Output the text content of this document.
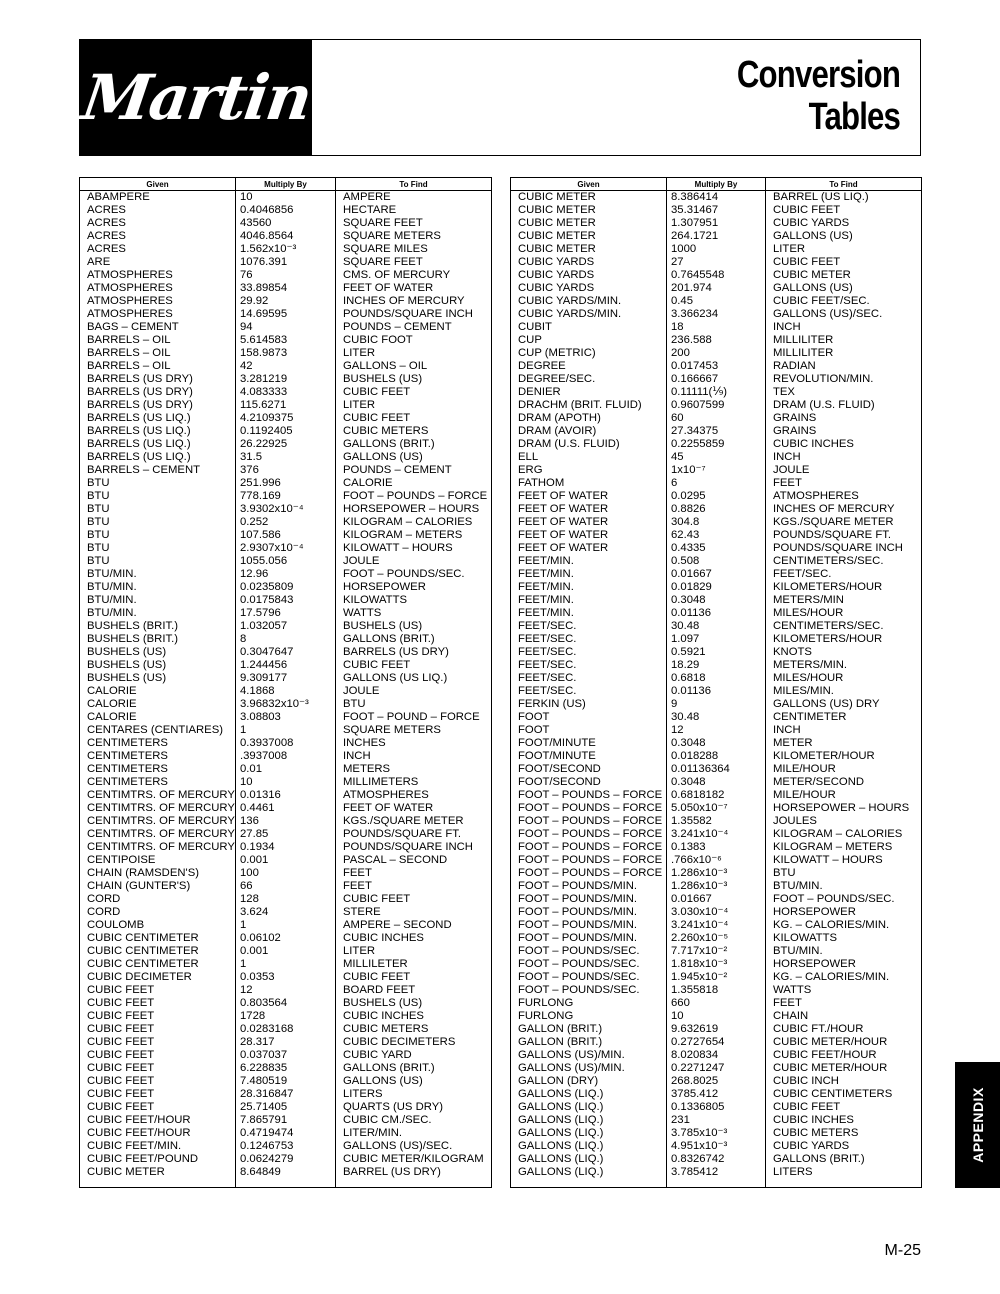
Martin	Conversion
Tables
Given	Multiply By	To Find
ABAMPERE	10	AMPERE
ACRES	0.4046856	HECTARE
ACRES	43560	SQUARE FEET
ACRES	4046.8564	SQUARE METERS
ACRES	1.562x10⁻³	SQUARE MILES
ARE	1076.391	SQUARE FEET
ATMOSPHERES	76	CMS. OF MERCURY
ATMOSPHERES	33.89854	FEET OF WATER
ATMOSPHERES	29.92	INCHES OF MERCURY
ATMOSPHERES	14.69595	POUNDS/SQUARE INCH
BAGS – CEMENT	94	POUNDS – CEMENT
BARRELS – OIL	5.614583	CUBIC FOOT
BARRELS – OIL	158.9873	LITER
BARRELS – OIL	42	GALLONS – OIL
BARRELS (US DRY)	3.281219	BUSHELS (US)
BARRELS (US DRY)	4.083333	CUBIC FEET
BARRELS (US DRY)	115.6271	LITER
BARRELS (US LIQ.)	4.2109375	CUBIC FEET
BARRELS (US LIQ.)	0.1192405	CUBIC METERS
BARRELS (US LIQ.)	26.22925	GALLONS (BRIT.)
BARRELS (US LIQ.)	31.5	GALLONS (US)
BARRELS – CEMENT	376	POUNDS – CEMENT
BTU	251.996	CALORIE
BTU	778.169	FOOT – POUNDS – FORCE
BTU	3.9302x10⁻⁴	HORSEPOWER – HOURS
BTU	0.252	KILOGRAM – CALORIES
BTU	107.586	KILOGRAM – METERS
BTU	2.9307x10⁻⁴	KILOWATT – HOURS
BTU	1055.056	JOULE
BTU/MIN.	12.96	FOOT – POUNDS/SEC.
BTU/MIN.	0.0235809	HORSEPOWER
BTU/MIN.	0.0175843	KILOWATTS
BTU/MIN.	17.5796	WATTS
BUSHELS (BRIT.)	1.032057	BUSHELS (US)
BUSHELS (BRIT.)	8	GALLONS (BRIT.)
BUSHELS (US)	0.3047647	BARRELS (US DRY)
BUSHELS (US)	1.244456	CUBIC FEET
BUSHELS (US)	9.309177	GALLONS (US LIQ.)
CALORIE	4.1868	JOULE
CALORIE	3.96832x10⁻³	BTU
CALORIE	3.08803	FOOT – POUND – FORCE
CENTARES (CENTIARES)	1	SQUARE METERS
CENTIMETERS	0.3937008	INCHES
CENTIMETERS	.3937008	INCH
CENTIMETERS	0.01	METERS
CENTIMETERS	10	MILLIMETERS
CENTIMTRS. OF MERCURY	0.01316	ATMOSPHERES
CENTIMTRS. OF MERCURY	0.4461	FEET OF WATER
CENTIMTRS. OF MERCURY	136	KGS./SQUARE METER
CENTIMTRS. OF MERCURY	27.85	POUNDS/SQUARE FT.
CENTIMTRS. OF MERCURY	0.1934	POUNDS/SQUARE INCH
CENTIPOISE	0.001	PASCAL – SECOND
CHAIN (RAMSDEN'S)	100	FEET
CHAIN (GUNTER'S)	66	FEET
CORD	128	CUBIC FEET
CORD	3.624	STERE
COULOMB	1	AMPERE – SECOND
CUBIC CENTIMETER	0.06102	CUBIC INCHES
CUBIC CENTIMETER	0.001	LITER
CUBIC CENTIMETER	1	MILLILETER
CUBIC DECIMETER	0.0353	CUBIC FEET
CUBIC FEET	12	BOARD FEET
CUBIC FEET	0.803564	BUSHELS (US)
CUBIC FEET	1728	CUBIC INCHES
CUBIC FEET	0.0283168	CUBIC METERS
CUBIC FEET	28.317	CUBIC DECIMETERS
CUBIC FEET	0.037037	CUBIC YARD
CUBIC FEET	6.228835	GALLONS (BRIT.)
CUBIC FEET	7.480519	GALLONS (US)
CUBIC FEET	28.316847	LITERS
CUBIC FEET	25.71405	QUARTS (US DRY)
CUBIC FEET/HOUR	7.865791	CUBIC CM./SEC.
CUBIC FEET/HOUR	0.4719474	LITER/MIN.
CUBIC FEET/MIN.	0.1246753	GALLONS (US)/SEC.
CUBIC FEET/POUND	0.0624279	CUBIC METER/KILOGRAM
CUBIC METER	8.64849	BARREL (US DRY)
Given	Multiply By	To Find
CUBIC METER	8.386414	BARREL (US LIQ.)
CUBIC METER	35.31467	CUBIC FEET
CUBIC METER	1.307951	CUBIC YARDS
CUBIC METER	264.1721	GALLONS (US)
CUBIC METER	1000	LITER
CUBIC YARDS	27	CUBIC FEET
CUBIC YARDS	0.7645548	CUBIC METER
CUBIC YARDS	201.974	GALLONS (US)
CUBIC YARDS/MIN.	0.45	CUBIC FEET/SEC.
CUBIC YARDS/MIN.	3.366234	GALLONS (US)/SEC.
CUBIT	18	INCH
CUP	236.588	MILLILITER
CUP (METRIC)	200	MILLILITER
DEGREE	0.017453	RADIAN
DEGREE/SEC.	0.166667	REVOLUTION/MIN.
DENIER	0.11111(⅑)	TEX
DRACHM (BRIT. FLUID)	0.9607599	DRAM (U.S. FLUID)
DRAM (APOTH)	60	GRAINS
DRAM (AVOIR)	27.34375	GRAINS
DRAM (U.S. FLUID)	0.2255859	CUBIC INCHES
ELL	45	INCH
ERG	1x10⁻⁷	JOULE
FATHOM	6	FEET
FEET OF WATER	0.0295	ATMOSPHERES
FEET OF WATER	0.8826	INCHES OF MERCURY
FEET OF WATER	304.8	KGS./SQUARE METER
FEET OF WATER	62.43	POUNDS/SQUARE FT.
FEET OF WATER	0.4335	POUNDS/SQUARE INCH
FEET/MIN.	0.508	CENTIMETERS/SEC.
FEET/MIN.	0.01667	FEET/SEC.
FEET/MIN.	0.01829	KILOMETERS/HOUR
FEET/MIN.	0.3048	METERS/MIN
FEET/MIN.	0.01136	MILES/HOUR
FEET/SEC.	30.48	CENTIMETERS/SEC.
FEET/SEC.	1.097	KILOMETERS/HOUR
FEET/SEC.	0.5921	KNOTS
FEET/SEC.	18.29	METERS/MIN.
FEET/SEC.	0.6818	MILES/HOUR
FEET/SEC.	0.01136	MILES/MIN.
FERKIN (US)	9	GALLONS (US) DRY
FOOT	30.48	CENTIMETER
FOOT	12	INCH
FOOT/MINUTE	0.3048	METER
FOOT/MINUTE	0.018288	KILOMETER/HOUR
FOOT/SECOND	0.01136364	MILE/HOUR
FOOT/SECOND	0.3048	METER/SECOND
FOOT – POUNDS – FORCE	0.6818182	MILE/HOUR
FOOT – POUNDS – FORCE	5.050x10⁻⁷	HORSEPOWER – HOURS
FOOT – POUNDS – FORCE	1.35582	JOULES
FOOT – POUNDS – FORCE	3.241x10⁻⁴	KILOGRAM – CALORIES
FOOT – POUNDS – FORCE	0.1383	KILOGRAM – METERS
FOOT – POUNDS – FORCE	.766x10⁻⁶	KILOWATT – HOURS
FOOT – POUNDS – FORCE	1.286x10⁻³	BTU
FOOT – POUNDS/MIN.	1.286x10⁻³	BTU/MIN.
FOOT – POUNDS/MIN.	0.01667	FOOT – POUNDS/SEC.
FOOT – POUNDS/MIN.	3.030x10⁻⁴	HORSEPOWER
FOOT – POUNDS/MIN.	3.241x10⁻⁴	KG. – CALORIES/MIN.
FOOT – POUNDS/MIN.	2.260x10⁻⁵	KILOWATTS
FOOT – POUNDS/SEC.	7.717x10⁻²	BTU/MIN.
FOOT – POUNDS/SEC.	1.818x10⁻³	HORSEPOWER
FOOT – POUNDS/SEC.	1.945x10⁻²	KG. – CALORIES/MIN.
FOOT – POUNDS/SEC.	1.355818	WATTS
FURLONG	660	FEET
FURLONG	10	CHAIN
GALLON (BRIT.)	9.632619	CUBIC FT./HOUR
GALLON (BRIT.)	0.2727654	CUBIC METER/HOUR
GALLONS (US)/MIN.	8.020834	CUBIC FEET/HOUR
GALLONS (US)/MIN.	0.2271247	CUBIC METER/HOUR
GALLON (DRY)	268.8025	CUBIC INCH
GALLONS (LIQ.)	3785.412	CUBIC CENTIMETERS
GALLONS (LIQ.)	0.1336805	CUBIC FEET
GALLONS (LIQ.)	231	CUBIC INCHES
GALLONS (LIQ.)	3.785x10⁻³	CUBIC METERS
GALLONS (LIQ.)	4.951x10⁻³	CUBIC YARDS
GALLONS (LIQ.)	0.8326742	GALLONS (BRIT.)
GALLONS (LIQ.)	3.785412	LITERS
APPENDIX
M-25
